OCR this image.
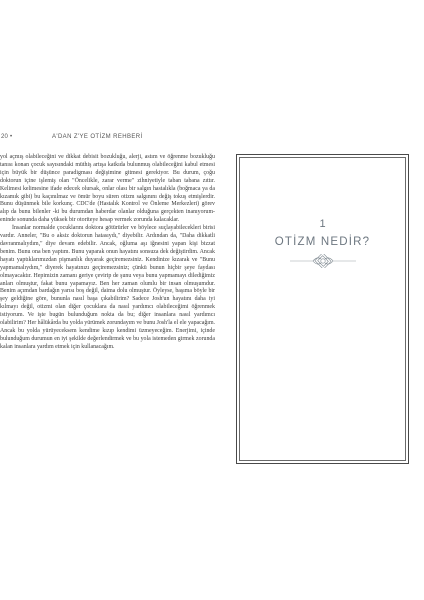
20 •	A'DAN Z'YE OTİZM REHBERİ

yol açmış olabileceğini ve dikkat debisit bozukluğu, alerji, astım ve öğrenme bozukluğu tanısı konan çocuk sayısındaki müthiş artışa katkıda bulunmuş olabileceğini kabul etmesi için büyük bir düşünce paradigması değişimine gitmesi gerekiyor. Bu durum, çoğu doktorun içine işlemiş olan "Öncelikle, zarar verme" zihniyetiyle taban tabana zıttır. Kelimesi kelimesine ifade edecek olursak, onlar olası bir salgın hastalıkla (boğmaca ya da kızamık gibi) bu kaçınılmaz ve ömür boyu süren otizm salgınını değiş tokuş etmişlerdir. Bunu düşünmek bile korkunç. CDC'de (Hastalık Kontrol ve Önleme Merkezleri) görev alıp da bunu bilenler -ki bu durumdan haberdar olanlar olduğuna gerçekten inanıyorum- eninde sonunda daha yüksek bir otoriteye hesap vermek zorunda kalacaklar.

İnsanlar normalde çocuklarını doktora götürürler ve böylece suçlayabilecekleri birisi vardır. Anneler, "Bu o aksiz doktorun hatasıydı," diyebilir. Ardından da, "Daha dikkatli davranmalıydım," diye devam edebilir. Ancak, oğluma aşı iğnesini yapan kişi bizzat benim. Bunu ona ben yaptım. Bunu yaparak onun hayatını sonsuza dek değiştirdim. Ancak hayatı yaptıklarımızdan pişmanlık duyarak geçiremezsiniz. Kendinize kızarak ve "Bunu yapmamalıydım," diyerek hayatınızı geçiremezsiniz; çünkü bunun hiçbir şeye faydası olmayacaktır. Hepimizin zamanı geriye çevirip de şunu veya bunu yapmamayı dilediğimiz anları olmuştur, fakat bunu yapamayız. Ben her zaman olumlu bir insan olmuşumdur. Benim açımdan bardağın yarısı boş değil, daima dolu olmuştur. Öyleyse, başıma böyle bir şey geldiğine göre, bununla nasıl başa çıkabilirim? Sadece Josh'un hayatını daha iyi kılmayı değil, otizmi olan diğer çocuklara da nasıl yardımcı olabileceğimi öğrenmek istiyorum. Ve işte bugün bulunduğum nokta da bu; diğer insanlara nasıl yardımcı olabilirim? Her hâlükârda bu yolda yürümek zorundayım ve bunu Josh'la el ele yapacağım. Ancak bu yolda yürüyeceksem kendime kızıp kendimi üzmeyeceğim. Enerjimi, içinde bulunduğum durumun en iyi şekilde değerlendirmek ve bu yola istemeden girmek zorunda kalan insanlara yardım etmek için kullanacağım.

1
OTİZM NEDİR?
